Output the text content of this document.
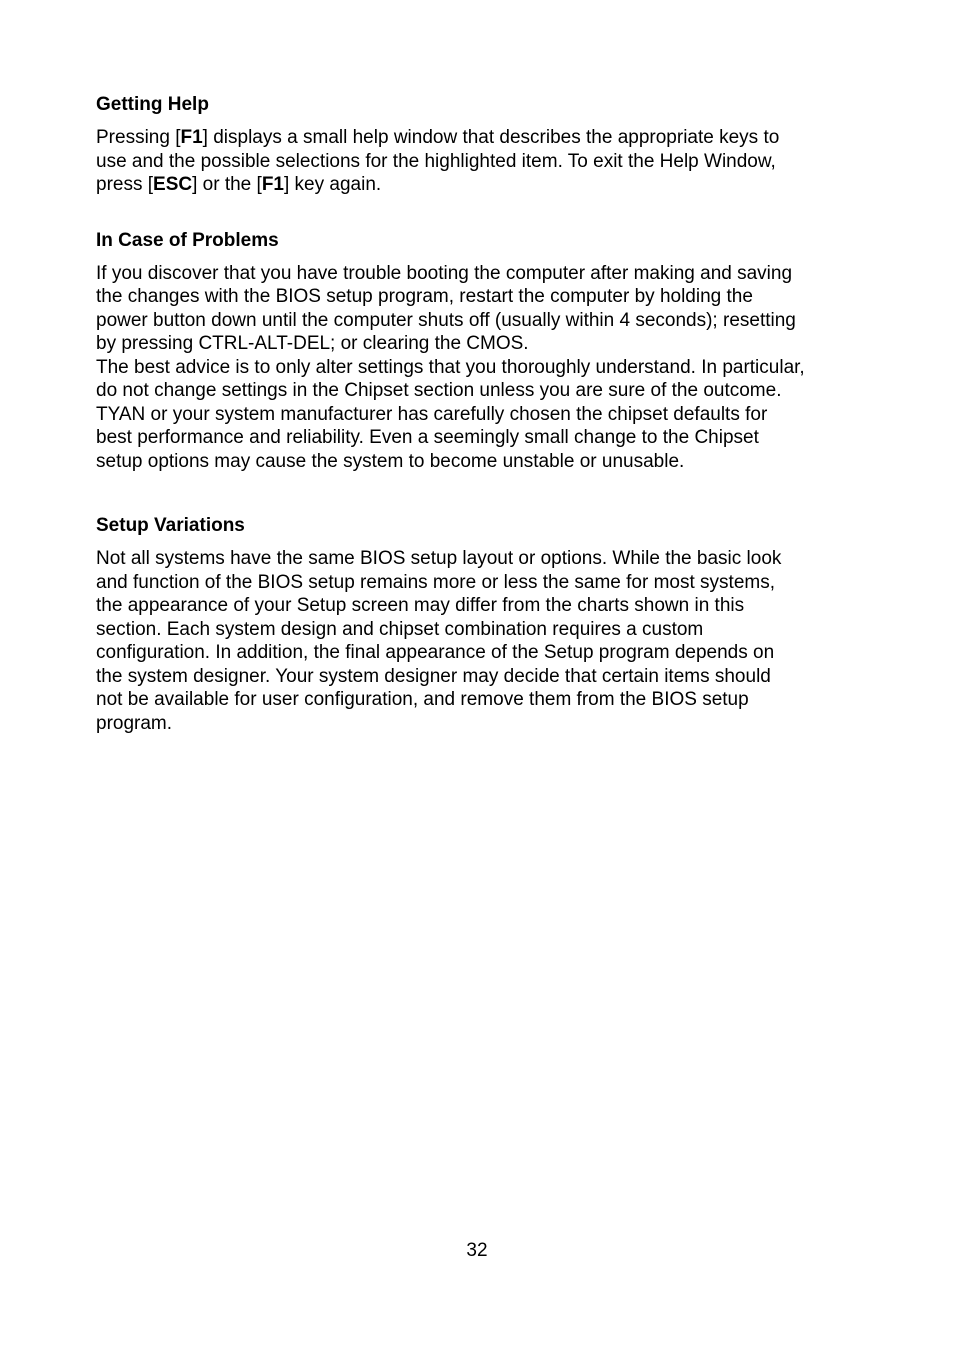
Getting Help

Pressing [F1] displays a small help window that describes the appropriate keys to
use and the possible selections for the highlighted item. To exit the Help Window,
press [ESC] or the [F1] key again.

In Case of Problems

If you discover that you have trouble booting the computer after making and saving
the changes with the BIOS setup program, restart the computer by holding the
power button down until the computer shuts off (usually within 4 seconds); resetting
by pressing CTRL-ALT-DEL; or clearing the CMOS.
The best advice is to only alter settings that you thoroughly understand. In particular,
do not change settings in the Chipset section unless you are sure of the outcome.
TYAN or your system manufacturer has carefully chosen the chipset defaults for
best performance and reliability. Even a seemingly small change to the Chipset
setup options may cause the system to become unstable or unusable.

Setup Variations

Not all systems have the same BIOS setup layout or options. While the basic look
and function of the BIOS setup remains more or less the same for most systems,
the appearance of your Setup screen may differ from the charts shown in this
section. Each system design and chipset combination requires a custom
configuration. In addition, the final appearance of the Setup program depends on
the system designer. Your system designer may decide that certain items should
not be available for user configuration, and remove them from the BIOS setup
program.

32
